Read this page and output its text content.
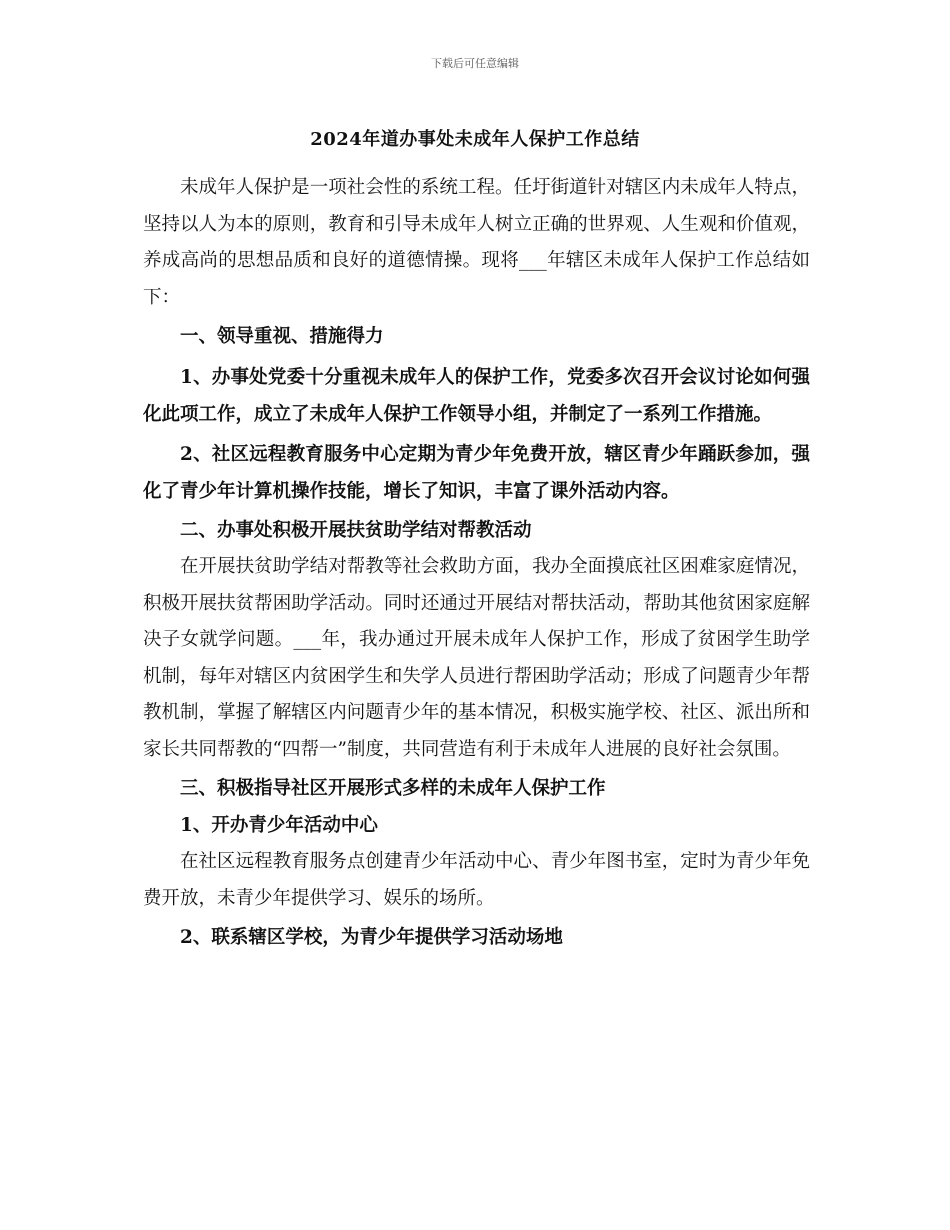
下载后可任意编辑
2024年道办事处未成年人保护工作总结

未成年人保护是一项社会性的系统工程。任圩街道针对辖区内未成年人特点，坚持以人为本的原则，教育和引导未成年人树立正确的世界观、人生观和价值观，养成高尚的思想品质和良好的道德情操。现将___年辖区未成年人保护工作总结如下：

一、领导重视、措施得力

1、办事处党委十分重视未成年人的保护工作，党委多次召开会议讨论如何强化此项工作，成立了未成年人保护工作领导小组，并制定了一系列工作措施。

2、社区远程教育服务中心定期为青少年免费开放，辖区青少年踊跃参加，强化了青少年计算机操作技能，增长了知识，丰富了课外活动内容。

二、办事处积极开展扶贫助学结对帮教活动

在开展扶贫助学结对帮教等社会救助方面，我办全面摸底社区困难家庭情况，积极开展扶贫帮困助学活动。同时还通过开展结对帮扶活动，帮助其他贫困家庭解决子女就学问题。___年，我办通过开展未成年人保护工作，形成了贫困学生助学机制，每年对辖区内贫困学生和失学人员进行帮困助学活动；形成了问题青少年帮教机制，掌握了解辖区内问题青少年的基本情况，积极实施学校、社区、派出所和家长共同帮教的“四帮一”制度，共同营造有利于未成年人进展的良好社会氛围。

三、积极指导社区开展形式多样的未成年人保护工作

1、开办青少年活动中心

在社区远程教育服务点创建青少年活动中心、青少年图书室，定时为青少年免费开放，未青少年提供学习、娱乐的场所。

2、联系辖区学校，为青少年提供学习活动场地
